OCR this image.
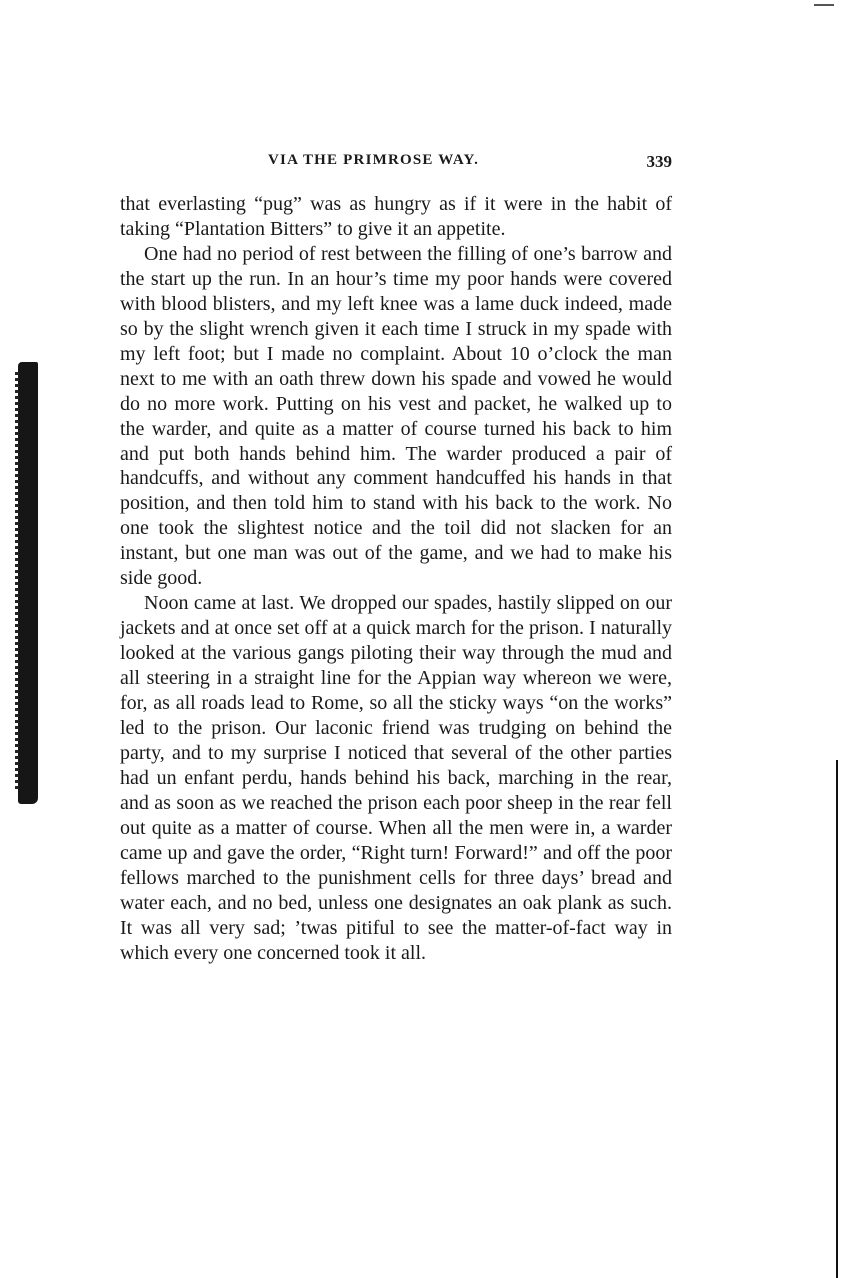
VIA THE PRIMROSE WAY.	339

that everlasting “pug” was as hungry as if it were in the habit of taking “Plantation Bitters” to give it an appetite.

One had no period of rest between the filling of one’s barrow and the start up the run. In an hour’s time my poor hands were covered with blood blisters, and my left knee was a lame duck indeed, made so by the slight wrench given it each time I struck in my spade with my left foot; but I made no complaint. About 10 o’clock the man next to me with an oath threw down his spade and vowed he would do no more work. Putting on his vest and packet, he walked up to the warder, and quite as a matter of course turned his back to him and put both hands behind him. The warder produced a pair of handcuffs, and without any comment handcuffed his hands in that position, and then told him to stand with his back to the work. No one took the slightest notice and the toil did not slacken for an instant, but one man was out of the game, and we had to make his side good.

Noon came at last. We dropped our spades, hastily slipped on our jackets and at once set off at a quick march for the prison. I naturally looked at the various gangs piloting their way through the mud and all steering in a straight line for the Appian way whereon we were, for, as all roads lead to Rome, so all the sticky ways “on the works” led to the prison. Our laconic friend was trudging on behind the party, and to my surprise I noticed that several of the other parties had un enfant perdu, hands behind his back, marching in the rear, and as soon as we reached the prison each poor sheep in the rear fell out quite as a matter of course. When all the men were in, a warder came up and gave the order, “Right turn! Forward!” and off the poor fellows marched to the punishment cells for three days’ bread and water each, and no bed, unless one designates an oak plank as such. It was all very sad; ’twas pitiful to see the matter-of-fact way in which every one concerned took it all.
